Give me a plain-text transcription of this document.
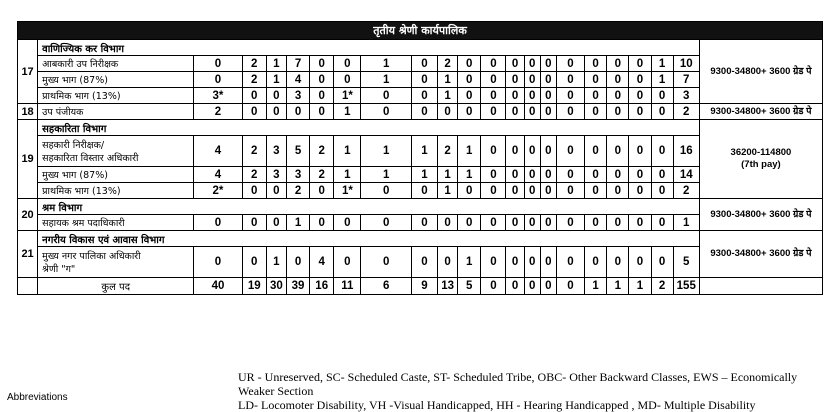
तृतीय श्रेणी कार्यपालिक																						
17	वाणिज्यिक कर विभाग																					9300-34800+ 3600 ग्रेड पे

	आबकारी उप निरीक्षक	0	2	1	7	0	0	1	0	2	0	0	0	0	0	0	0	0	0	1	10	

	मुख्य भाग (87%)	0	2	1	4	0	0	1	0	1	0	0	0	0	0	0	0	0	0	1	7	

	प्राथमिक भाग (13%)	3*	0	0	3	0	1*	0	0	1	0	0	0	0	0	0	0	0	0	0	3	
18	उप पंजीयक	2	0	0	0	0	1	0	0	0	0	0	0	0	0	0	0	0	0	0	2	9300-34800+ 3600 ग्रेड पे

19	सहकारिता विभाग																					36200-114800
(7th pay)

	सहकारी निरीक्षक/
सहकारिता विस्तार अधिकारी	4	2	3	5	2	1	1	1	2	1	0	0	0	0	0	0	0	0	0	16	

	मुख्य भाग (87%)	4	2	3	3	2	1	1	1	1	1	0	0	0	0	0	0	0	0	0	14	

	प्राथमिक भाग (13%)	2*	0	0	2	0	1*	0	0	1	0	0	0	0	0	0	0	0	0	0	2	
20	श्रम विभाग																					9300-34800+ 3600 ग्रेड पे

	सहायक श्रम पदाधिकारी	0	0	0	1	0	0	0	0	0	0	0	0	0	0	0	0	0	0	0	1	
21	नगरीय विकास एवं आवास विभाग																					9300-34800+ 3600 ग्रेड पे

	मुख्य नगर पालिका अधिकारी
श्रेणी "ग"	0	0	1	0	4	0	0	0	0	1	0	0	0	0	0	0	0	0	0	5	
	कुल पद	40	19	30	39	16	11	6	9	13	5	0	0	0	0	0	1	1	1	2	155	
UR - Unreserved, SC- Scheduled Caste, ST- Scheduled Tribe, OBC- Other Backward Classes, EWS – Economically Weaker Section
LD- Locomoter Disability, VH -Visual Handicapped, HH - Hearing Handicapped , MD- Multiple Disability
Abbreviations
